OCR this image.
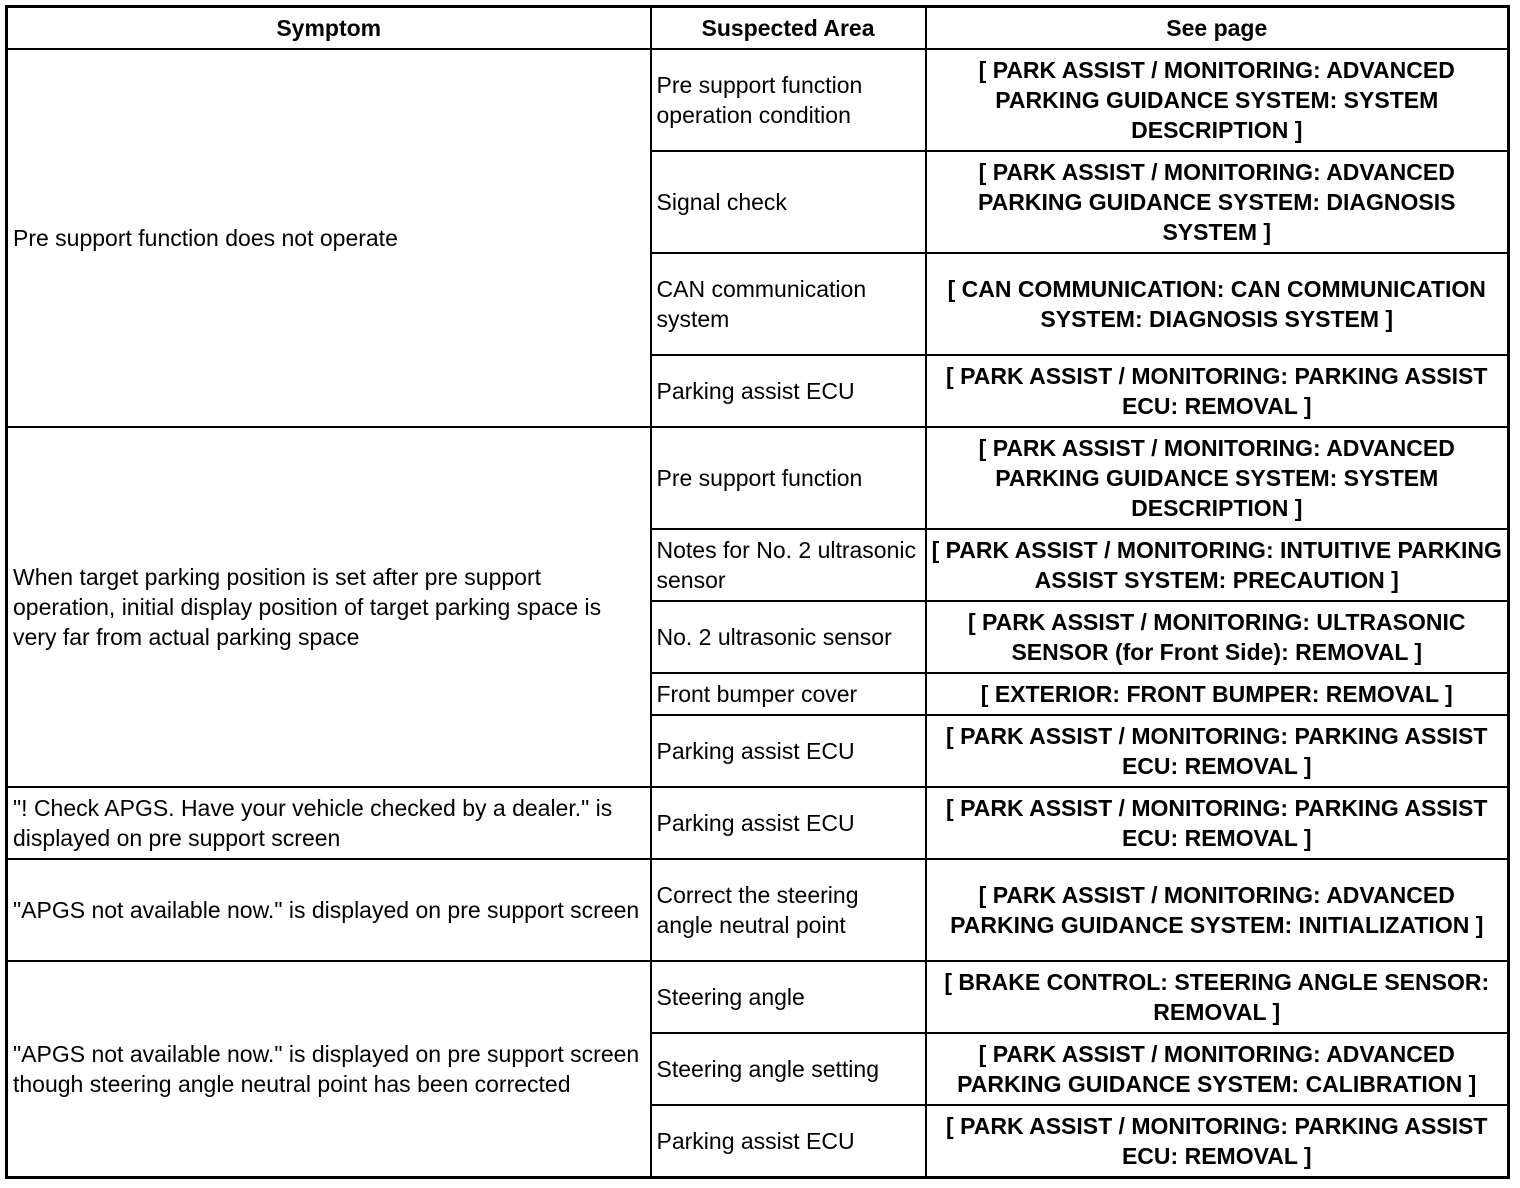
Symptom	Suspected Area	See page
Pre support function does not operate	Pre support function operation condition	[ PARK ASSIST / MONITORING: ADVANCED PARKING GUIDANCE SYSTEM: SYSTEM DESCRIPTION ]
	Signal check	[ PARK ASSIST / MONITORING: ADVANCED PARKING GUIDANCE SYSTEM: DIAGNOSIS SYSTEM ]
	CAN communication system	[ CAN COMMUNICATION: CAN COMMUNICATION SYSTEM: DIAGNOSIS SYSTEM ]
	Parking assist ECU	[ PARK ASSIST / MONITORING: PARKING ASSIST ECU: REMOVAL ]
When target parking position is set after pre support operation, initial display position of target parking space is very far from actual parking space	Pre support function	[ PARK ASSIST / MONITORING: ADVANCED PARKING GUIDANCE SYSTEM: SYSTEM DESCRIPTION ]
	Notes for No. 2 ultrasonic sensor	[ PARK ASSIST / MONITORING: INTUITIVE PARKING ASSIST SYSTEM: PRECAUTION ]
	No. 2 ultrasonic sensor	[ PARK ASSIST / MONITORING: ULTRASONIC SENSOR (for Front Side): REMOVAL ]
	Front bumper cover	[ EXTERIOR: FRONT BUMPER: REMOVAL ]
	Parking assist ECU	[ PARK ASSIST / MONITORING: PARKING ASSIST ECU: REMOVAL ]
"! Check APGS. Have your vehicle checked by a dealer." is displayed on pre support screen	Parking assist ECU	[ PARK ASSIST / MONITORING: PARKING ASSIST ECU: REMOVAL ]
"APGS not available now." is displayed on pre support screen	Correct the steering angle neutral point	[ PARK ASSIST / MONITORING: ADVANCED PARKING GUIDANCE SYSTEM: INITIALIZATION ]
"APGS not available now." is displayed on pre support screen though steering angle neutral point has been corrected	Steering angle	[ BRAKE CONTROL: STEERING ANGLE SENSOR: REMOVAL ]
	Steering angle setting	[ PARK ASSIST / MONITORING: ADVANCED PARKING GUIDANCE SYSTEM: CALIBRATION ]
	Parking assist ECU	[ PARK ASSIST / MONITORING: PARKING ASSIST ECU: REMOVAL ]
